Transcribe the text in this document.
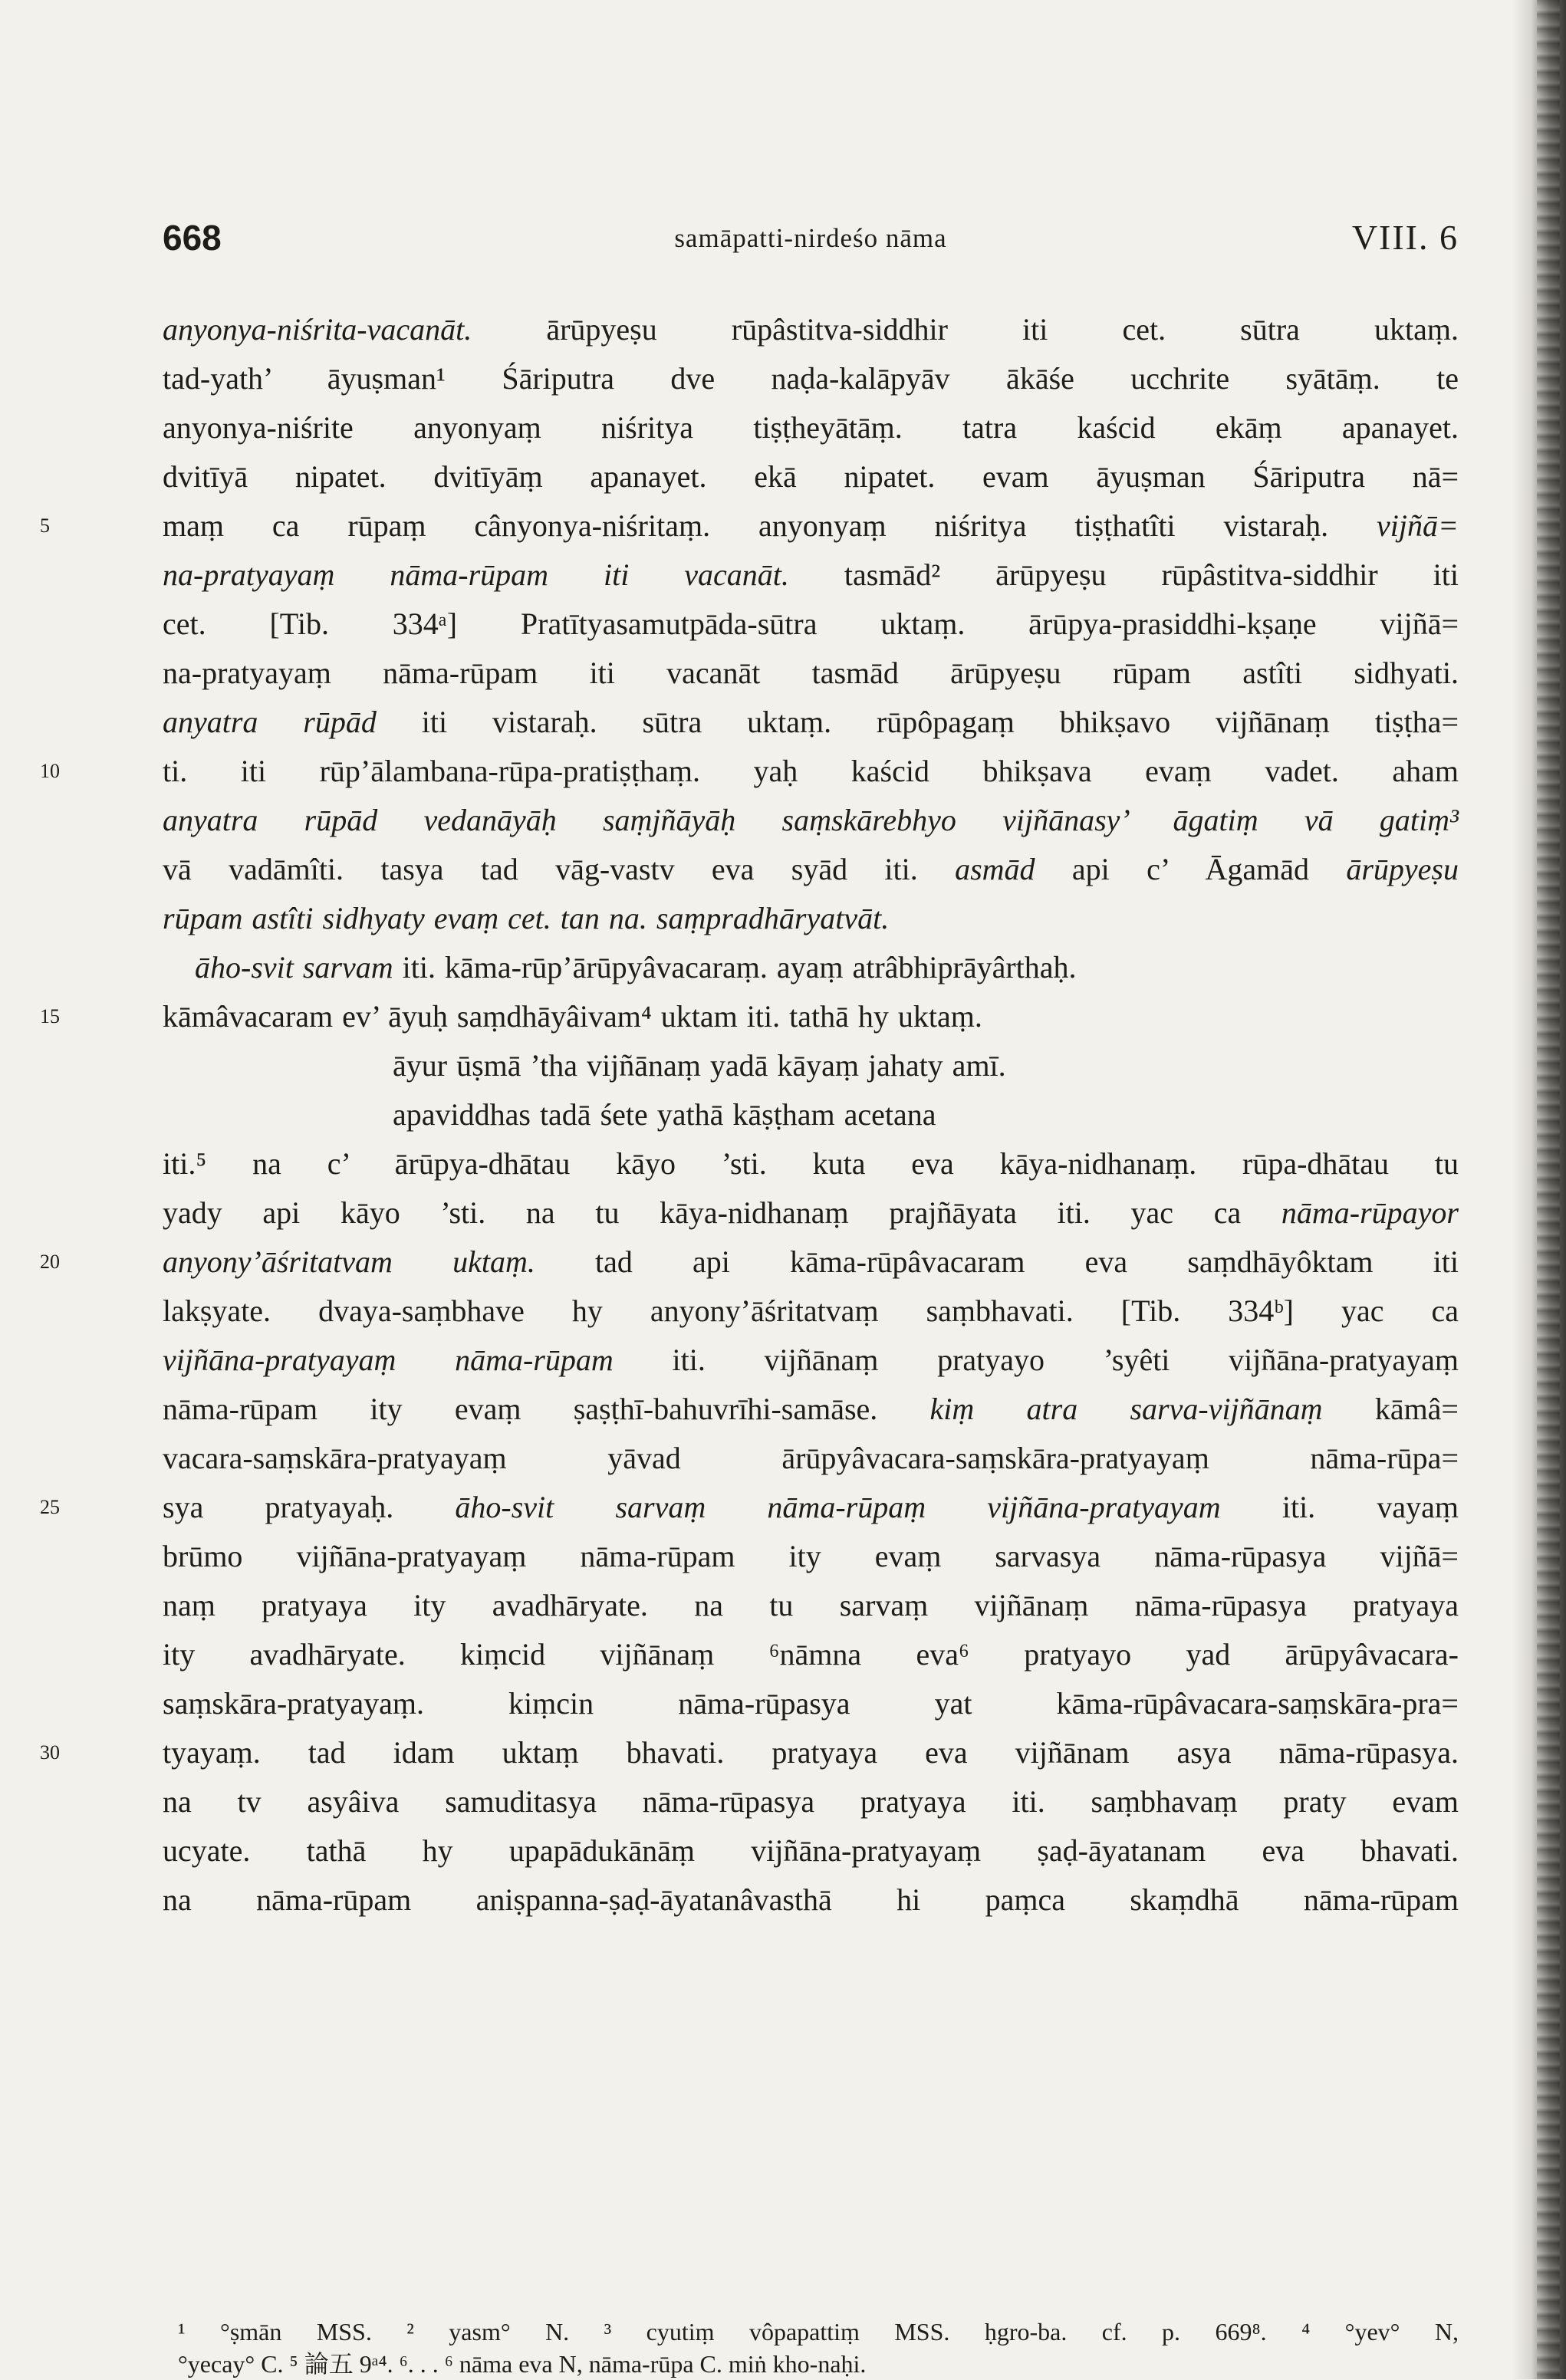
668	samāpatti-nirdeśo nāma	VIII. 6
5
10
15
20
25
30
anyonya-niśrita-vacanāt. ārūpyeṣu rūpâstitva-siddhir iti cet. sūtra uktaṃ.
tad-yath’ āyuṣman¹ Śāriputra dve naḍa-kalāpyāv ākāśe ucchrite syātāṃ. te
anyonya-niśrite anyonyaṃ niśritya tiṣṭheyātāṃ. tatra kaścid ekāṃ apanayet.
dvitīyā nipatet. dvitīyāṃ apanayet. ekā nipatet. evam āyuṣman Śāriputra nā=
maṃ ca rūpaṃ cânyonya-niśritaṃ. anyonyaṃ niśritya tiṣṭhatîti vistaraḥ. vijñā=
na-pratyayaṃ nāma-rūpam iti vacanāt. tasmād² ārūpyeṣu rūpâstitva-siddhir iti
cet. [Tib. 334ᵃ] Pratītyasamutpāda-sūtra uktaṃ. ārūpya-prasiddhi-kṣaṇe vijñā=
na-pratyayaṃ nāma-rūpam iti vacanāt tasmād ārūpyeṣu rūpam astîti sidhyati.
anyatra rūpād iti vistaraḥ. sūtra uktaṃ. rūpôpagaṃ bhikṣavo vijñānaṃ tiṣṭha=
ti. iti rūp’ālambana-rūpa-pratiṣṭhaṃ. yaḥ kaścid bhikṣava evaṃ vadet. aham
anyatra rūpād vedanāyāḥ saṃjñāyāḥ saṃskārebhyo vijñānasy’ āgatiṃ vā gatiṃ³
vā vadāmîti. tasya tad vāg-vastv eva syād iti. asmād api c’ Āgamād ārūpyeṣu
rūpam astîti sidhyaty evaṃ cet. tan na. saṃpradhāryatvāt.
āho-svit sarvam iti. kāma-rūp’ārūpyâvacaraṃ. ayaṃ atrâbhiprāyârthaḥ.
kāmâvacaram ev’ āyuḥ saṃdhāyâivam⁴ uktam iti. tathā hy uktaṃ.
āyur ūṣmā ’tha vijñānaṃ yadā kāyaṃ jahaty amī.
apaviddhas tadā śete yathā kāṣṭham acetana
iti.⁵ na c’ ārūpya-dhātau kāyo ’sti. kuta eva kāya-nidhanaṃ. rūpa-dhātau tu
yady api kāyo ’sti. na tu kāya-nidhanaṃ prajñāyata iti. yac ca nāma-rūpayor
anyony’āśritatvam uktaṃ. tad api kāma-rūpâvacaram eva saṃdhāyôktam iti
lakṣyate. dvaya-saṃbhave hy anyony’āśritatvaṃ saṃbhavati. [Tib. 334ᵇ] yac ca
vijñāna-pratyayaṃ nāma-rūpam iti. vijñānaṃ pratyayo ’syêti vijñāna-pratyayaṃ
nāma-rūpam ity evaṃ ṣaṣṭhī-bahuvrīhi-samāse. kiṃ atra sarva-vijñānaṃ kāmâ=
vacara-saṃskāra-pratyayaṃ yāvad ārūpyâvacara-saṃskāra-pratyayaṃ nāma-rūpa=
sya pratyayaḥ. āho-svit sarvaṃ nāma-rūpaṃ vijñāna-pratyayam iti. vayaṃ
brūmo vijñāna-pratyayaṃ nāma-rūpam ity evaṃ sarvasya nāma-rūpasya vijñā=
naṃ pratyaya ity avadhāryate. na tu sarvaṃ vijñānaṃ nāma-rūpasya pratyaya
ity avadhāryate. kiṃcid vijñānaṃ ⁶nāmna eva⁶ pratyayo yad ārūpyâvacara-
saṃskāra-pratyayaṃ. kiṃcin nāma-rūpasya yat kāma-rūpâvacara-saṃskāra-pra=
tyayaṃ. tad idam uktaṃ bhavati. pratyaya eva vijñānam asya nāma-rūpasya.
na tv asyâiva samuditasya nāma-rūpasya pratyaya iti. saṃbhavaṃ praty evam
ucyate. tathā hy upapādukānāṃ vijñāna-pratyayaṃ ṣaḍ-āyatanam eva bhavati.
na nāma-rūpam aniṣpanna-ṣaḍ-āyatanâvasthā hi paṃca skaṃdhā nāma-rūpam
¹ °ṣmān MSS. ² yasm° N. ³ cyutiṃ vôpapattiṃ MSS. ḥgro-ba. cf. p. 669⁸. ⁴ °yev° N,
°yecay° C. ⁵ 論五 9ᵃ⁴. ⁶. . . ⁶ nāma eva N, nāma-rūpa C. miṅ kho-naḥi.
